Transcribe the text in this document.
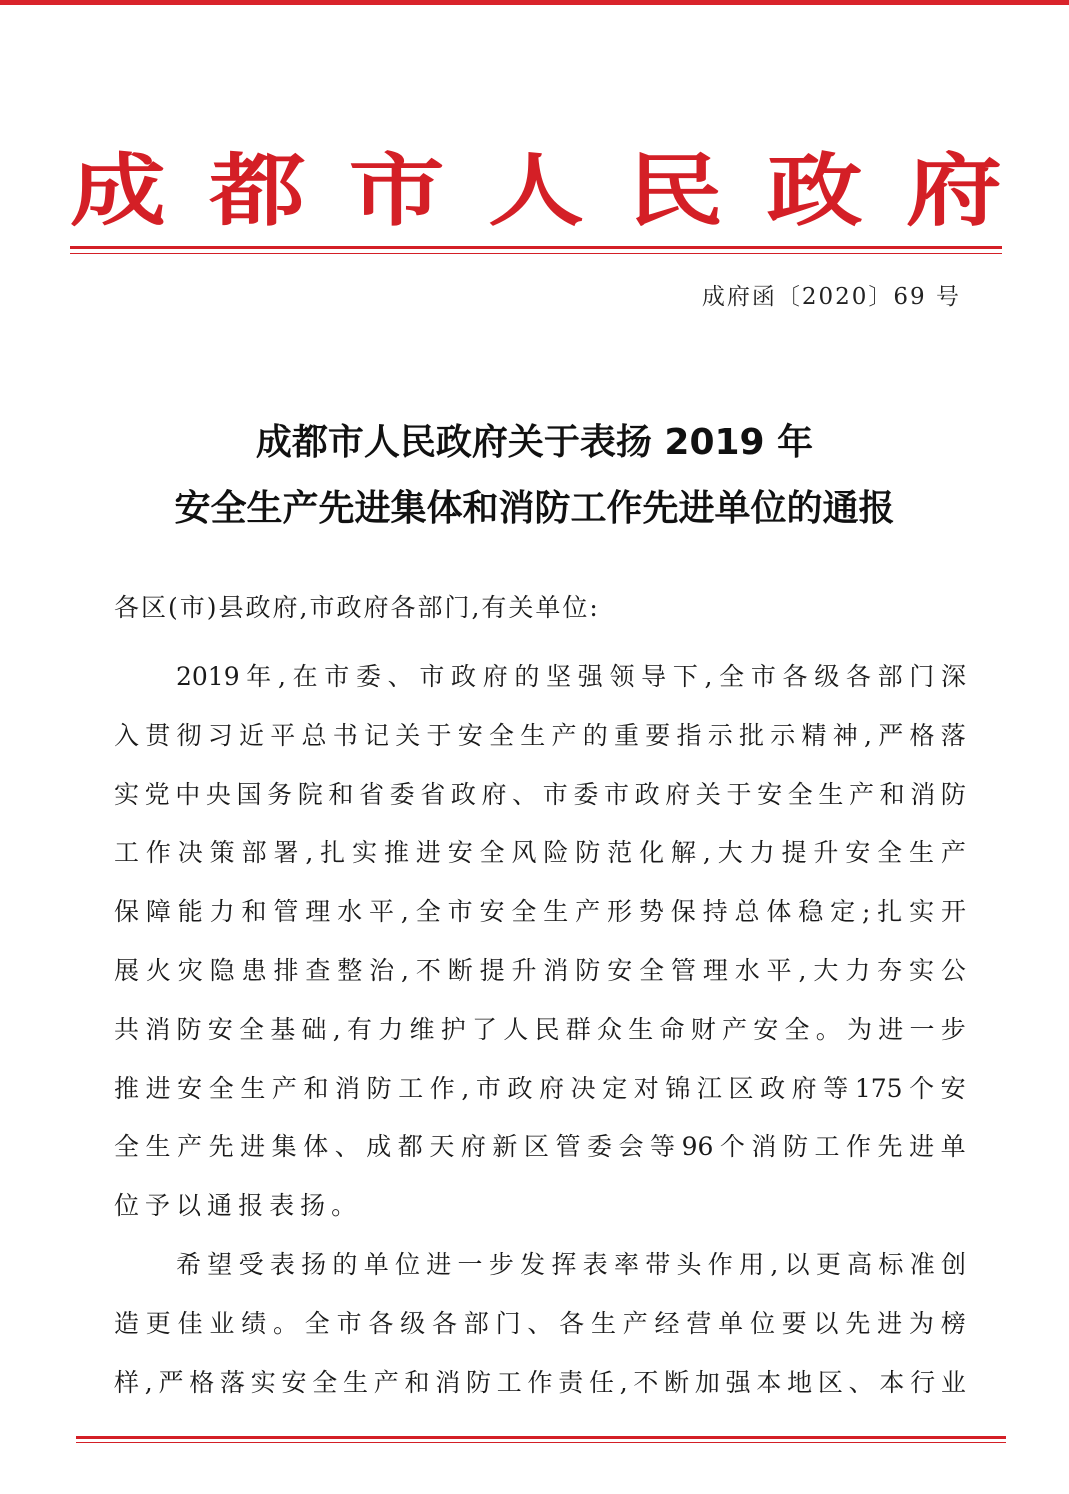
成 都 市 人 民 政 府
成府函〔2020〕69 号
成都市人民政府关于表扬 2019 年
安全生产先进集体和消防工作先进单位的通报
各区(市)县政府,市政府各部门,有关单位:
2019 年 , 在 市 委 、 市 政 府 的 坚 强 领 导 下 , 全 市 各 级 各 部 门 深
入 贯 彻 习 近 平 总 书 记 关 于 安 全 生 产 的 重 要 指 示 批 示 精 神 , 严 格 落
实 党 中 央 国 务 院 和 省 委 省 政 府 、 市 委 市 政 府 关 于 安 全 生 产 和 消 防
工 作 决 策 部 署 , 扎 实 推 进 安 全 风 险 防 范 化 解 , 大 力 提 升 安 全 生 产
保 障 能 力 和 管 理 水 平 , 全 市 安 全 生 产 形 势 保 持 总 体 稳 定 ; 扎 实 开
展 火 灾 隐 患 排 查 整 治 , 不 断 提 升 消 防 安 全 管 理 水 平 , 大 力 夯 实 公
共 消 防 安 全 基 础 , 有 力 维 护 了 人 民 群 众 生 命 财 产 安 全 。 为 进 一 步
推 进 安 全 生 产 和 消 防 工 作 , 市 政 府 决 定 对 锦 江 区 政 府 等 175 个 安
全 生 产 先 进 集 体 、 成 都 天 府 新 区 管 委 会 等 96 个 消 防 工 作 先 进 单
位 予 以 通 报 表 扬 。
希 望 受 表 扬 的 单 位 进 一 步 发 挥 表 率 带 头 作 用 , 以 更 高 标 准 创
造 更 佳 业 绩 。 全 市 各 级 各 部 门 、 各 生 产 经 营 单 位 要 以 先 进 为 榜
样 , 严 格 落 实 安 全 生 产 和 消 防 工 作 责 任 , 不 断 加 强 本 地 区 、 本 行 业
